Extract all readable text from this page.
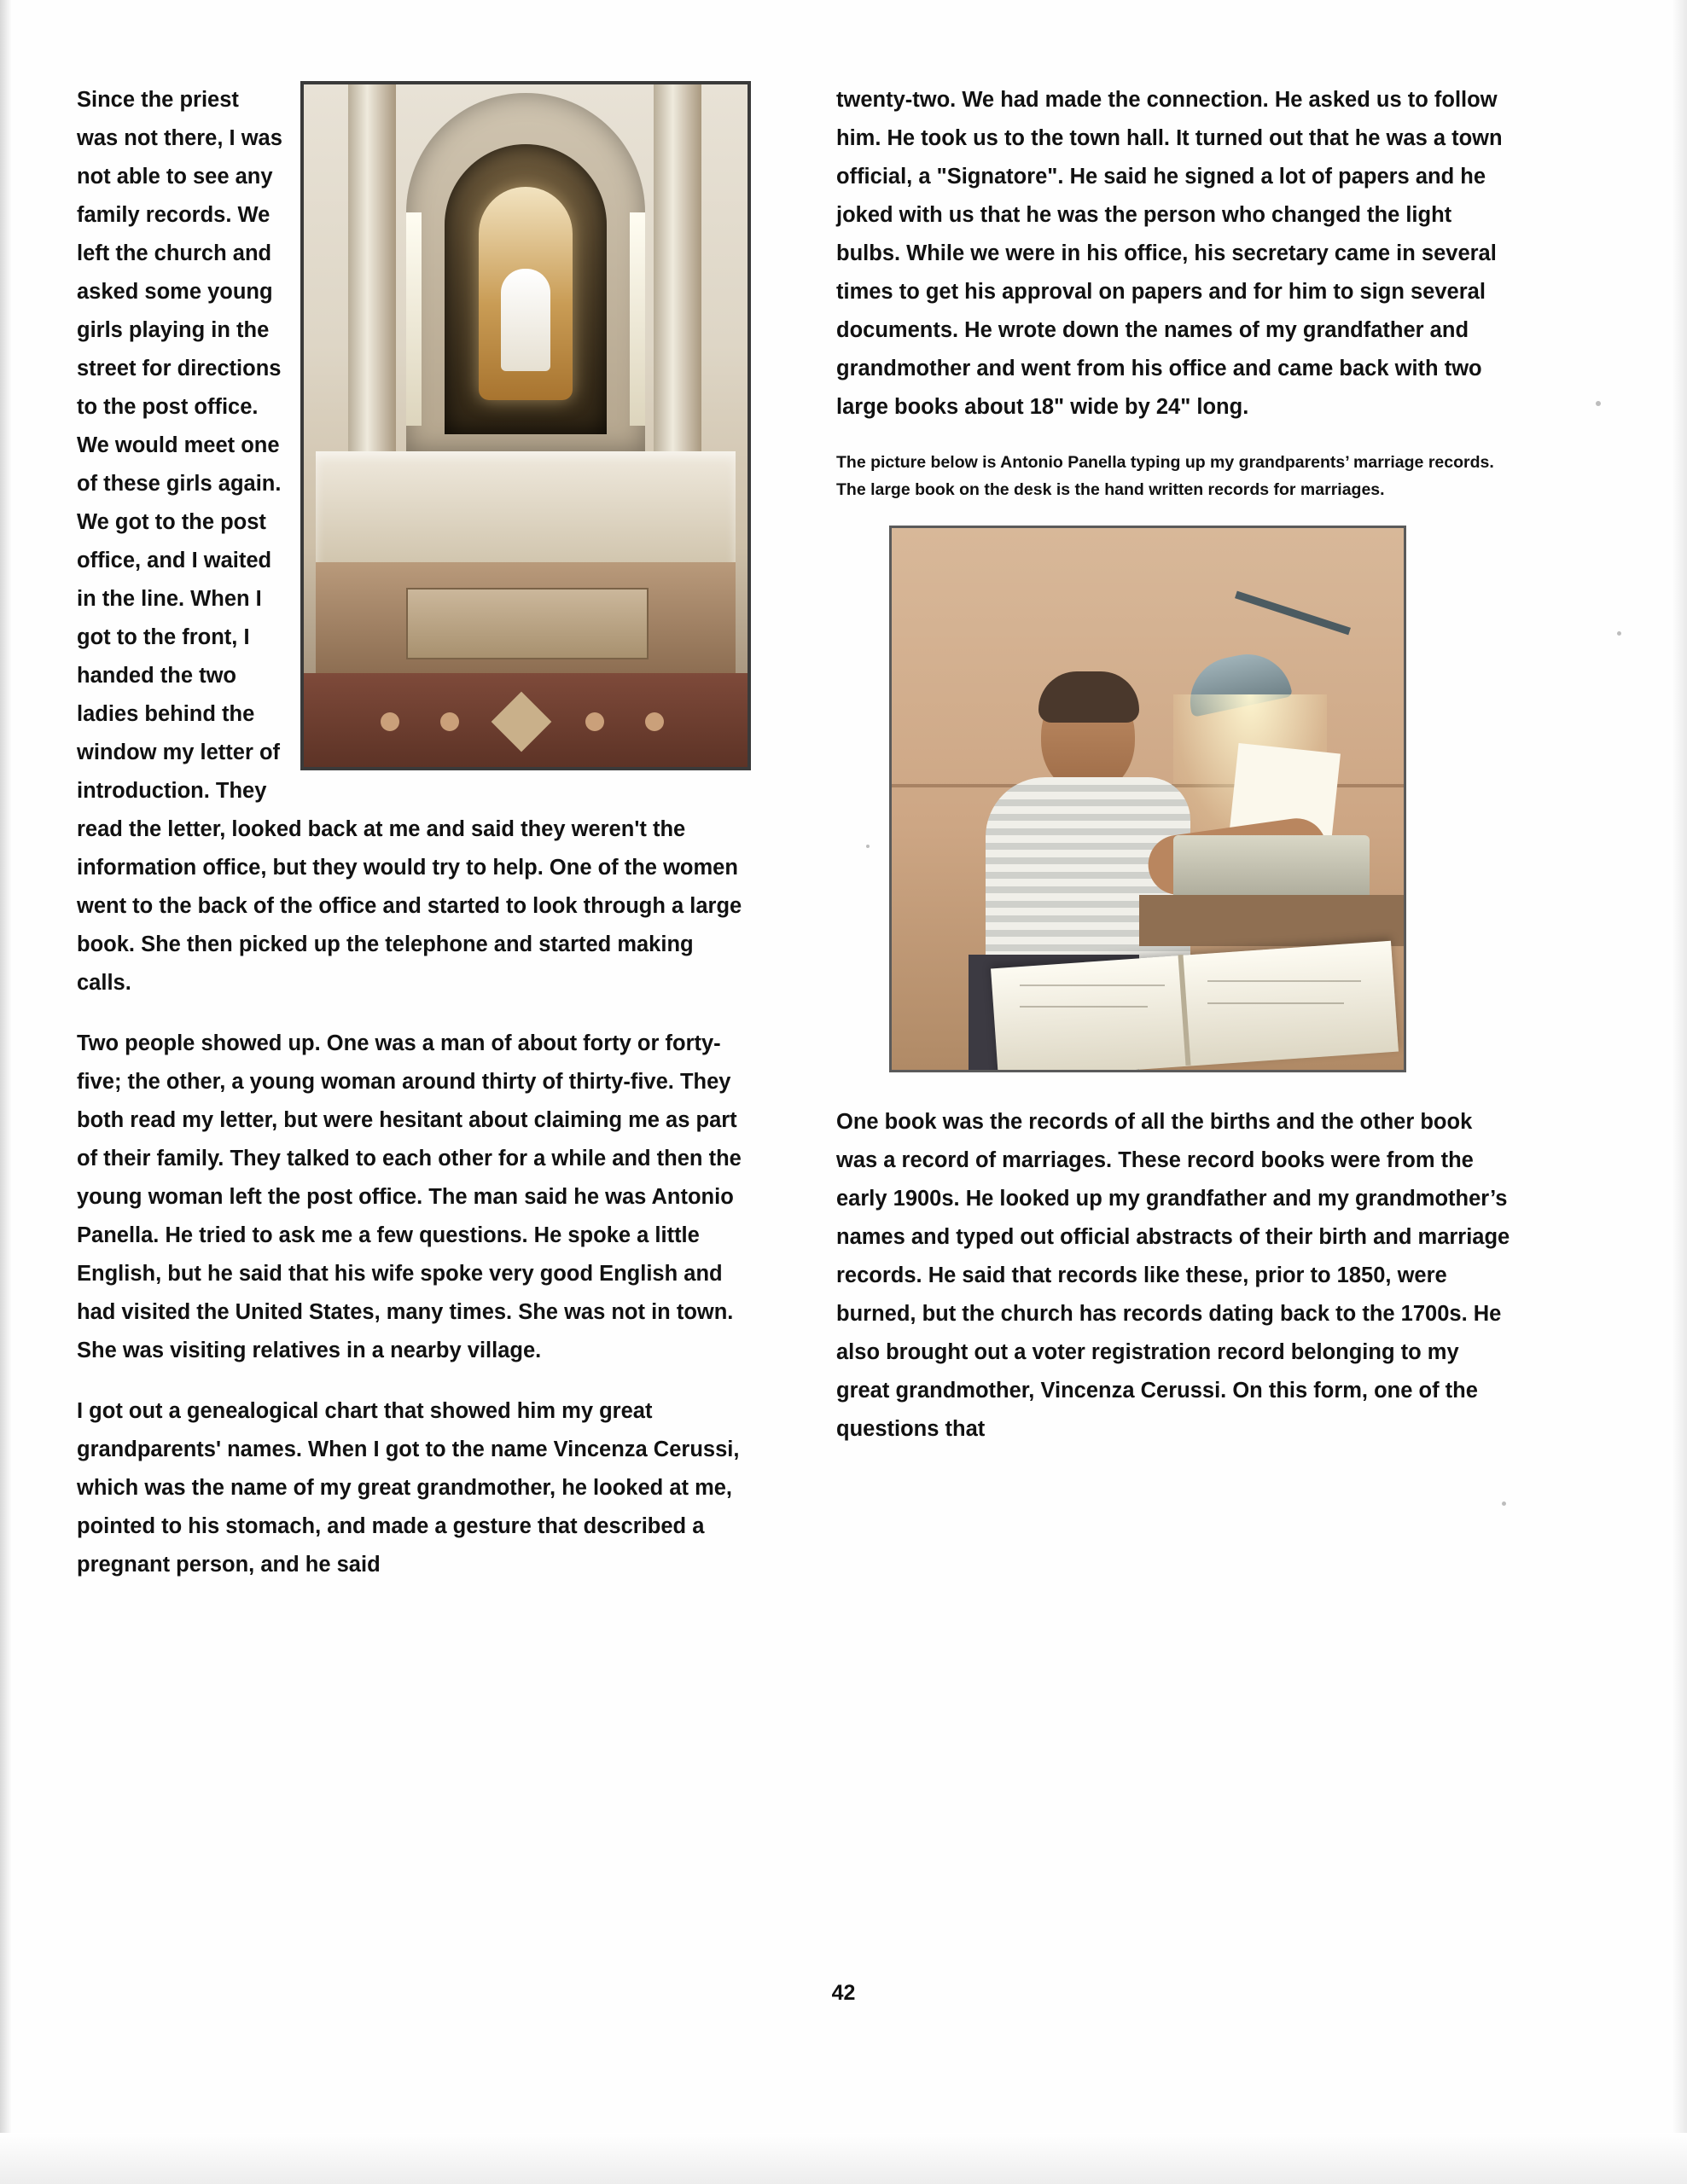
Since the priest was not there, I was not able to see any family records. We left the church and asked some young girls playing in the street for directions to the post office. We would meet one of these girls again. We got to the post office, and I waited in the line. When I got to the front, I handed the two ladies behind the window my letter of introduction. They read the letter, looked back at me and said they weren't the information office, but they would try to help. One of the women went to the back of the office and started to look through a large book. She then picked up the telephone and started making calls.

Two people showed up. One was a man of about forty or forty-five; the other, a young woman around thirty of thirty-five. They both read my letter, but were hesitant about claiming me as part of their family. They talked to each other for a while and then the young woman left the post office. The man said he was Antonio Panella. He tried to ask me a few questions. He spoke a little English, but he said that his wife spoke very good English and had visited the United States, many times. She was not in town. She was visiting relatives in a nearby village.

I got out a genealogical chart that showed him my great grandparents' names. When I got to the name Vincenza Cerussi, which was the name of my great grandmother, he looked at me, pointed to his stomach, and made a gesture that described a pregnant person, and he said

twenty-two. We had made the connection. He asked us to follow him. He took us to the town hall. It turned out that he was a town official, a "Signatore". He said he signed a lot of papers and he joked with us that he was the person who changed the light bulbs. While we were in his office, his secretary came in several times to get his approval on papers and for him to sign several documents. He wrote down the names of my grandfather and grandmother and went from his office and came back with two large books about 18" wide by 24" long.

The picture below is Antonio Panella typing up my grandparents’ marriage records. The large book on the desk is the hand written records for marriages.

One book was the records of all the births and the other book was a record of marriages. These record books were from the early 1900s. He looked up my grandfather and my grandmother’s names and typed out official abstracts of their birth and marriage records. He said that records like these, prior to 1850, were burned, but the church has records dating back to the 1700s. He also brought out a voter registration record belonging to my great grandmother, Vincenza Cerussi. On this form, one of the questions that

42
